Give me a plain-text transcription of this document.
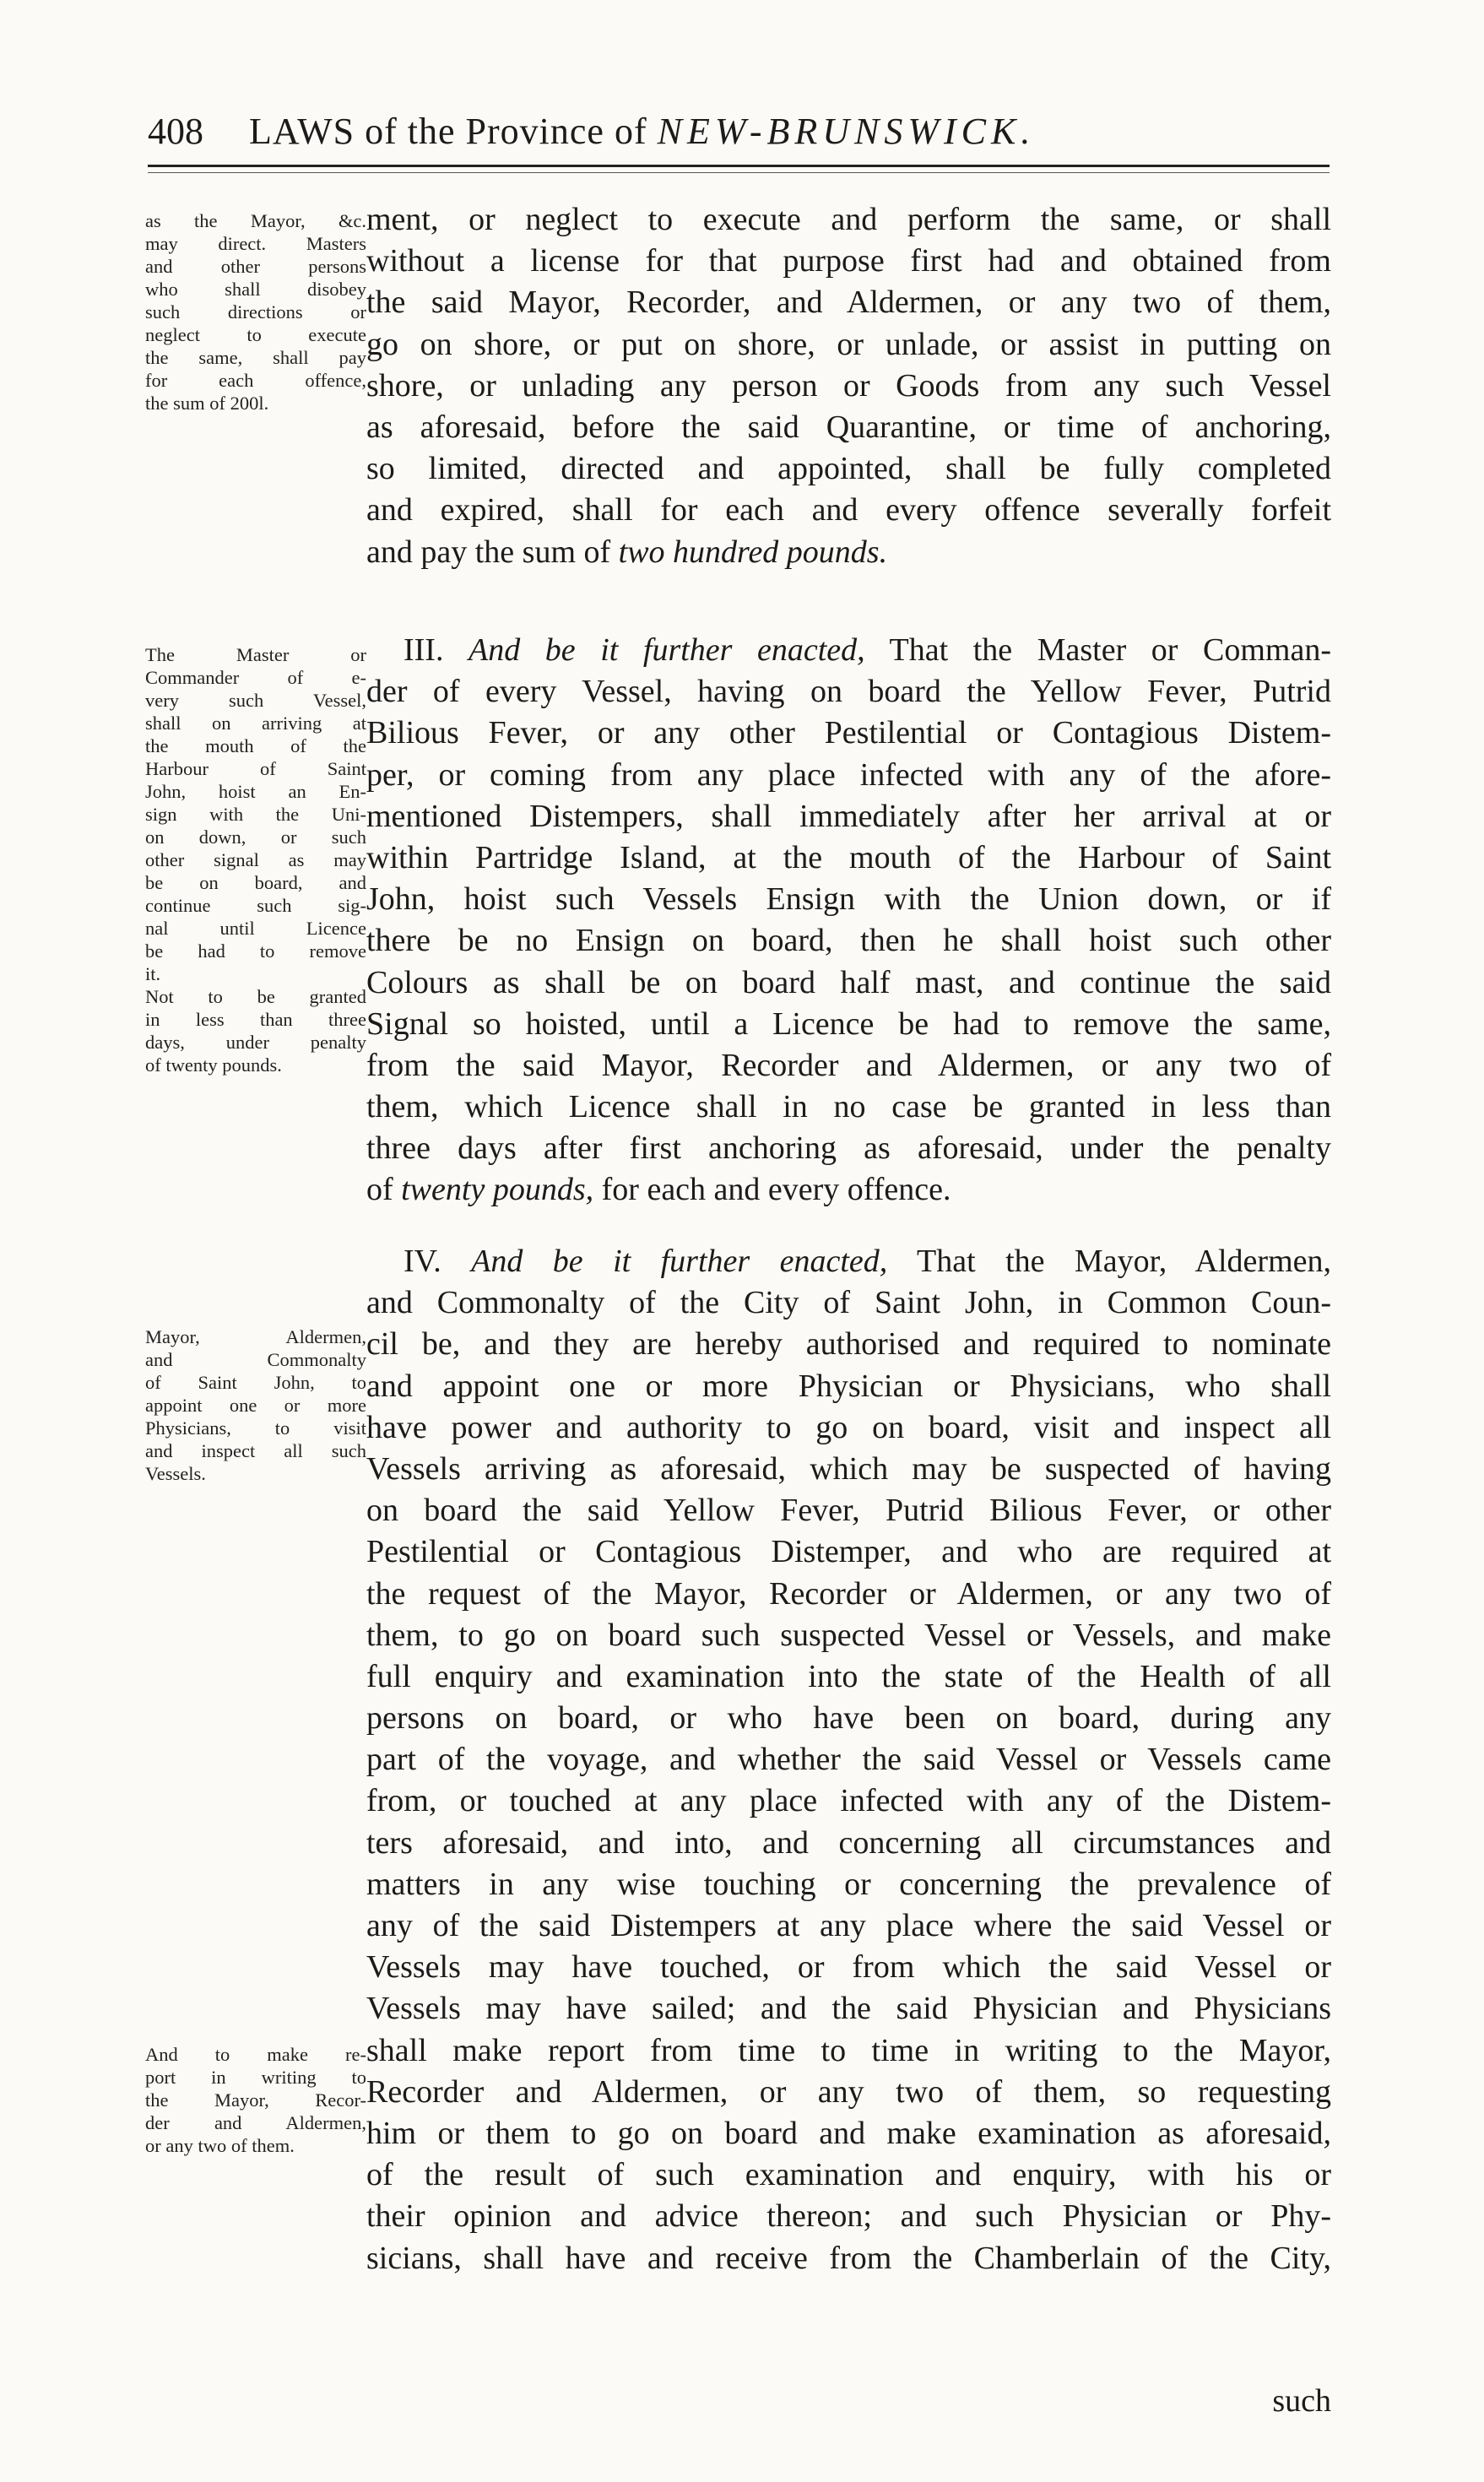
408	LAWS of the Province of NEW-BRUNSWICK.
as the Mayor, &c.
may direct. Masters
and other persons
who shall disobey
such directions or
neglect to execute
the same, shall pay
for each offence,
the sum of 200l.
The Master or
Commander of e-
very such Vessel,
shall on arriving at
the mouth of the
Harbour of Saint
John, hoist an En-
sign with the Uni-
on down, or such
other signal as may
be on board, and
continue such sig-
nal until Licence
be had to remove
it.
Not to be granted
in less than three
days, under penalty
of twenty pounds.
Mayor, Aldermen,
and Commonalty
of Saint John, to
appoint one or more
Physicians, to visit
and inspect all such
Vessels.
And to make re-
port in writing to
the Mayor, Recor-
der and Aldermen,
or any two of them.
ment, or neglect to execute and perform the same, or shall
without a license for that purpose first had and obtained from
the said Mayor, Recorder, and Aldermen, or any two of them,
go on shore, or put on shore, or unlade, or assist in putting on
shore, or unlading any person or Goods from any such Vessel
as aforesaid, before the said Quarantine, or time of anchoring,
so limited, directed and appointed, shall be fully completed
and expired, shall for each and every offence severally forfeit
and pay the sum of two hundred pounds.
III. And be it further enacted, That the Master or Comman-
der of every Vessel, having on board the Yellow Fever, Putrid
Bilious Fever, or any other Pestilential or Contagious Distem-
per, or coming from any place infected with any of the afore-
mentioned Distempers, shall immediately after her arrival at or
within Partridge Island, at the mouth of the Harbour of Saint
John, hoist such Vessels Ensign with the Union down, or if
there be no Ensign on board, then he shall hoist such other
Colours as shall be on board half mast, and continue the said
Signal so hoisted, until a Licence be had to remove the same,
from the said Mayor, Recorder and Aldermen, or any two of
them, which Licence shall in no case be granted in less than
three days after first anchoring as aforesaid, under the penalty
of twenty pounds, for each and every offence.
IV. And be it further enacted, That the Mayor, Aldermen,
and Commonalty of the City of Saint John, in Common Coun-
cil be, and they are hereby authorised and required to nominate
and appoint one or more Physician or Physicians, who shall
have power and authority to go on board, visit and inspect all
Vessels arriving as aforesaid, which may be suspected of having
on board the said Yellow Fever, Putrid Bilious Fever, or other
Pestilential or Contagious Distemper, and who are required at
the request of the Mayor, Recorder or Aldermen, or any two of
them, to go on board such suspected Vessel or Vessels, and make
full enquiry and examination into the state of the Health of all
persons on board, or who have been on board, during any
part of the voyage, and whether the said Vessel or Vessels came
from, or touched at any place infected with any of the Distem-
ters aforesaid, and into, and concerning all circumstances and
matters in any wise touching or concerning the prevalence of
any of the said Distempers at any place where the said Vessel or
Vessels may have touched, or from which the said Vessel or
Vessels may have sailed; and the said Physician and Physicians
shall make report from time to time in writing to the Mayor,
Recorder and Aldermen, or any two of them, so requesting
him or them to go on board and make examination as aforesaid,
of the result of such examination and enquiry, with his or
their opinion and advice thereon; and such Physician or Phy-
sicians, shall have and receive from the Chamberlain of the City,
such
